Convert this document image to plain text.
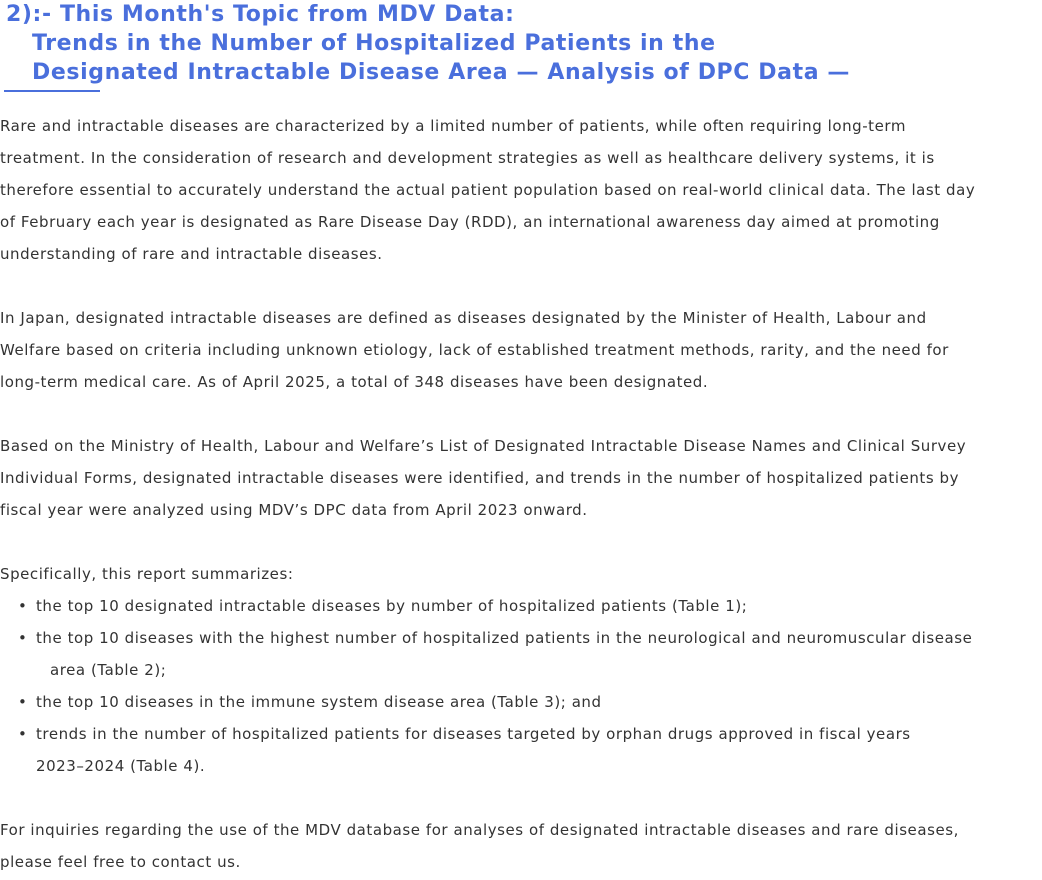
2):- This Month's Topic from MDV Data:
Trends in the Number of Hospitalized Patients in the
Designated Intractable Disease Area — Analysis of DPC Data —

Rare and intractable diseases are characterized by a limited number of patients, while often requiring long-term
treatment. In the consideration of research and development strategies as well as healthcare delivery systems, it is
therefore essential to accurately understand the actual patient population based on real-world clinical data. The last day
of February each year is designated as Rare Disease Day (RDD), an international awareness day aimed at promoting
understanding of rare and intractable diseases.

In Japan, designated intractable diseases are defined as diseases designated by the Minister of Health, Labour and
Welfare based on criteria including unknown etiology, lack of established treatment methods, rarity, and the need for
long-term medical care. As of April 2025, a total of 348 diseases have been designated.

Based on the Ministry of Health, Labour and Welfare’s List of Designated Intractable Disease Names and Clinical Survey
Individual Forms, designated intractable diseases were identified, and trends in the number of hospitalized patients by
fiscal year were analyzed using MDV’s DPC data from April 2023 onward.

Specifically, this report summarizes:

• the top 10 designated intractable diseases by number of hospitalized patients (Table 1);
• the top 10 diseases with the highest number of hospitalized patients in the neurological and neuromuscular disease
area (Table 2);
• the top 10 diseases in the immune system disease area (Table 3); and
• trends in the number of hospitalized patients for diseases targeted by orphan drugs approved in fiscal years
2023–2024 (Table 4).

For inquiries regarding the use of the MDV database for analyses of designated intractable diseases and rare diseases,
please feel free to contact us.
